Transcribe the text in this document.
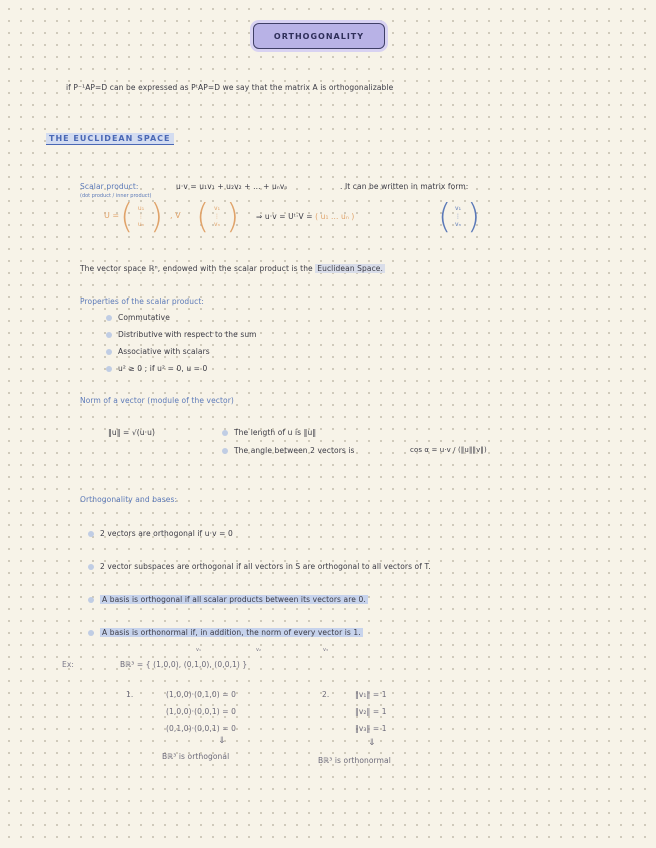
ORTHOGONALITY
if P⁻¹AP=D can be expressed as PᵗAP=D we say that the matrix A is orthogonalizable
THE EUCLIDEAN SPACE
Scalar product:
(dot product / inner product)
u·v = u₁v₁ + u₂v₂ + ... + uₙvₙ	. It can be written in matrix form:
U = ( u₁
⋮
uₙ ) , V ( v₁
⋮
vₙ ) ⇒ u·v = Uᵗ·V = ( u₁ ... uₙ ) ( v₁
⋮
vₙ )
The vector space ℝⁿ, endowed with the scalar product is the Euclidean Space.
Properties of the scalar product:
Commutative
Distributive with respect to the sum
Associative with scalars
u² ≥ 0 ; if u² = 0, u = 0
Norm of a vector (module of the vector)
‖u‖ = √(u·u)	The length of u is ‖u‖
The angle between 2 vectors is	cos α = u·v / (‖u‖‖v‖)
Orthogonality and bases:
2 vectors are orthogonal if u·v = 0
2 vector subspaces are orthogonal if all vectors in S are orthogonal to all vectors of T.
A basis is orthogonal if all scalar products between its vectors are 0.
A basis is orthonormal if, in addition, the norm of every vector is 1.
Ex:
v₁	v₂	v₃
Bℝ³ = { (1,0,0), (0,1,0), (0,0,1) }
1.	(1,0,0)·(0,1,0) = 0
(1,0,0)·(0,0,1) = 0
(0,1,0)·(0,0,1) = 0
2.	‖v₁‖ = 1
‖v₂‖ = 1
‖v₃‖ = 1
⇓	⇓
Bℝ³ is orthogonal	Bℝ³ is orthonormal
